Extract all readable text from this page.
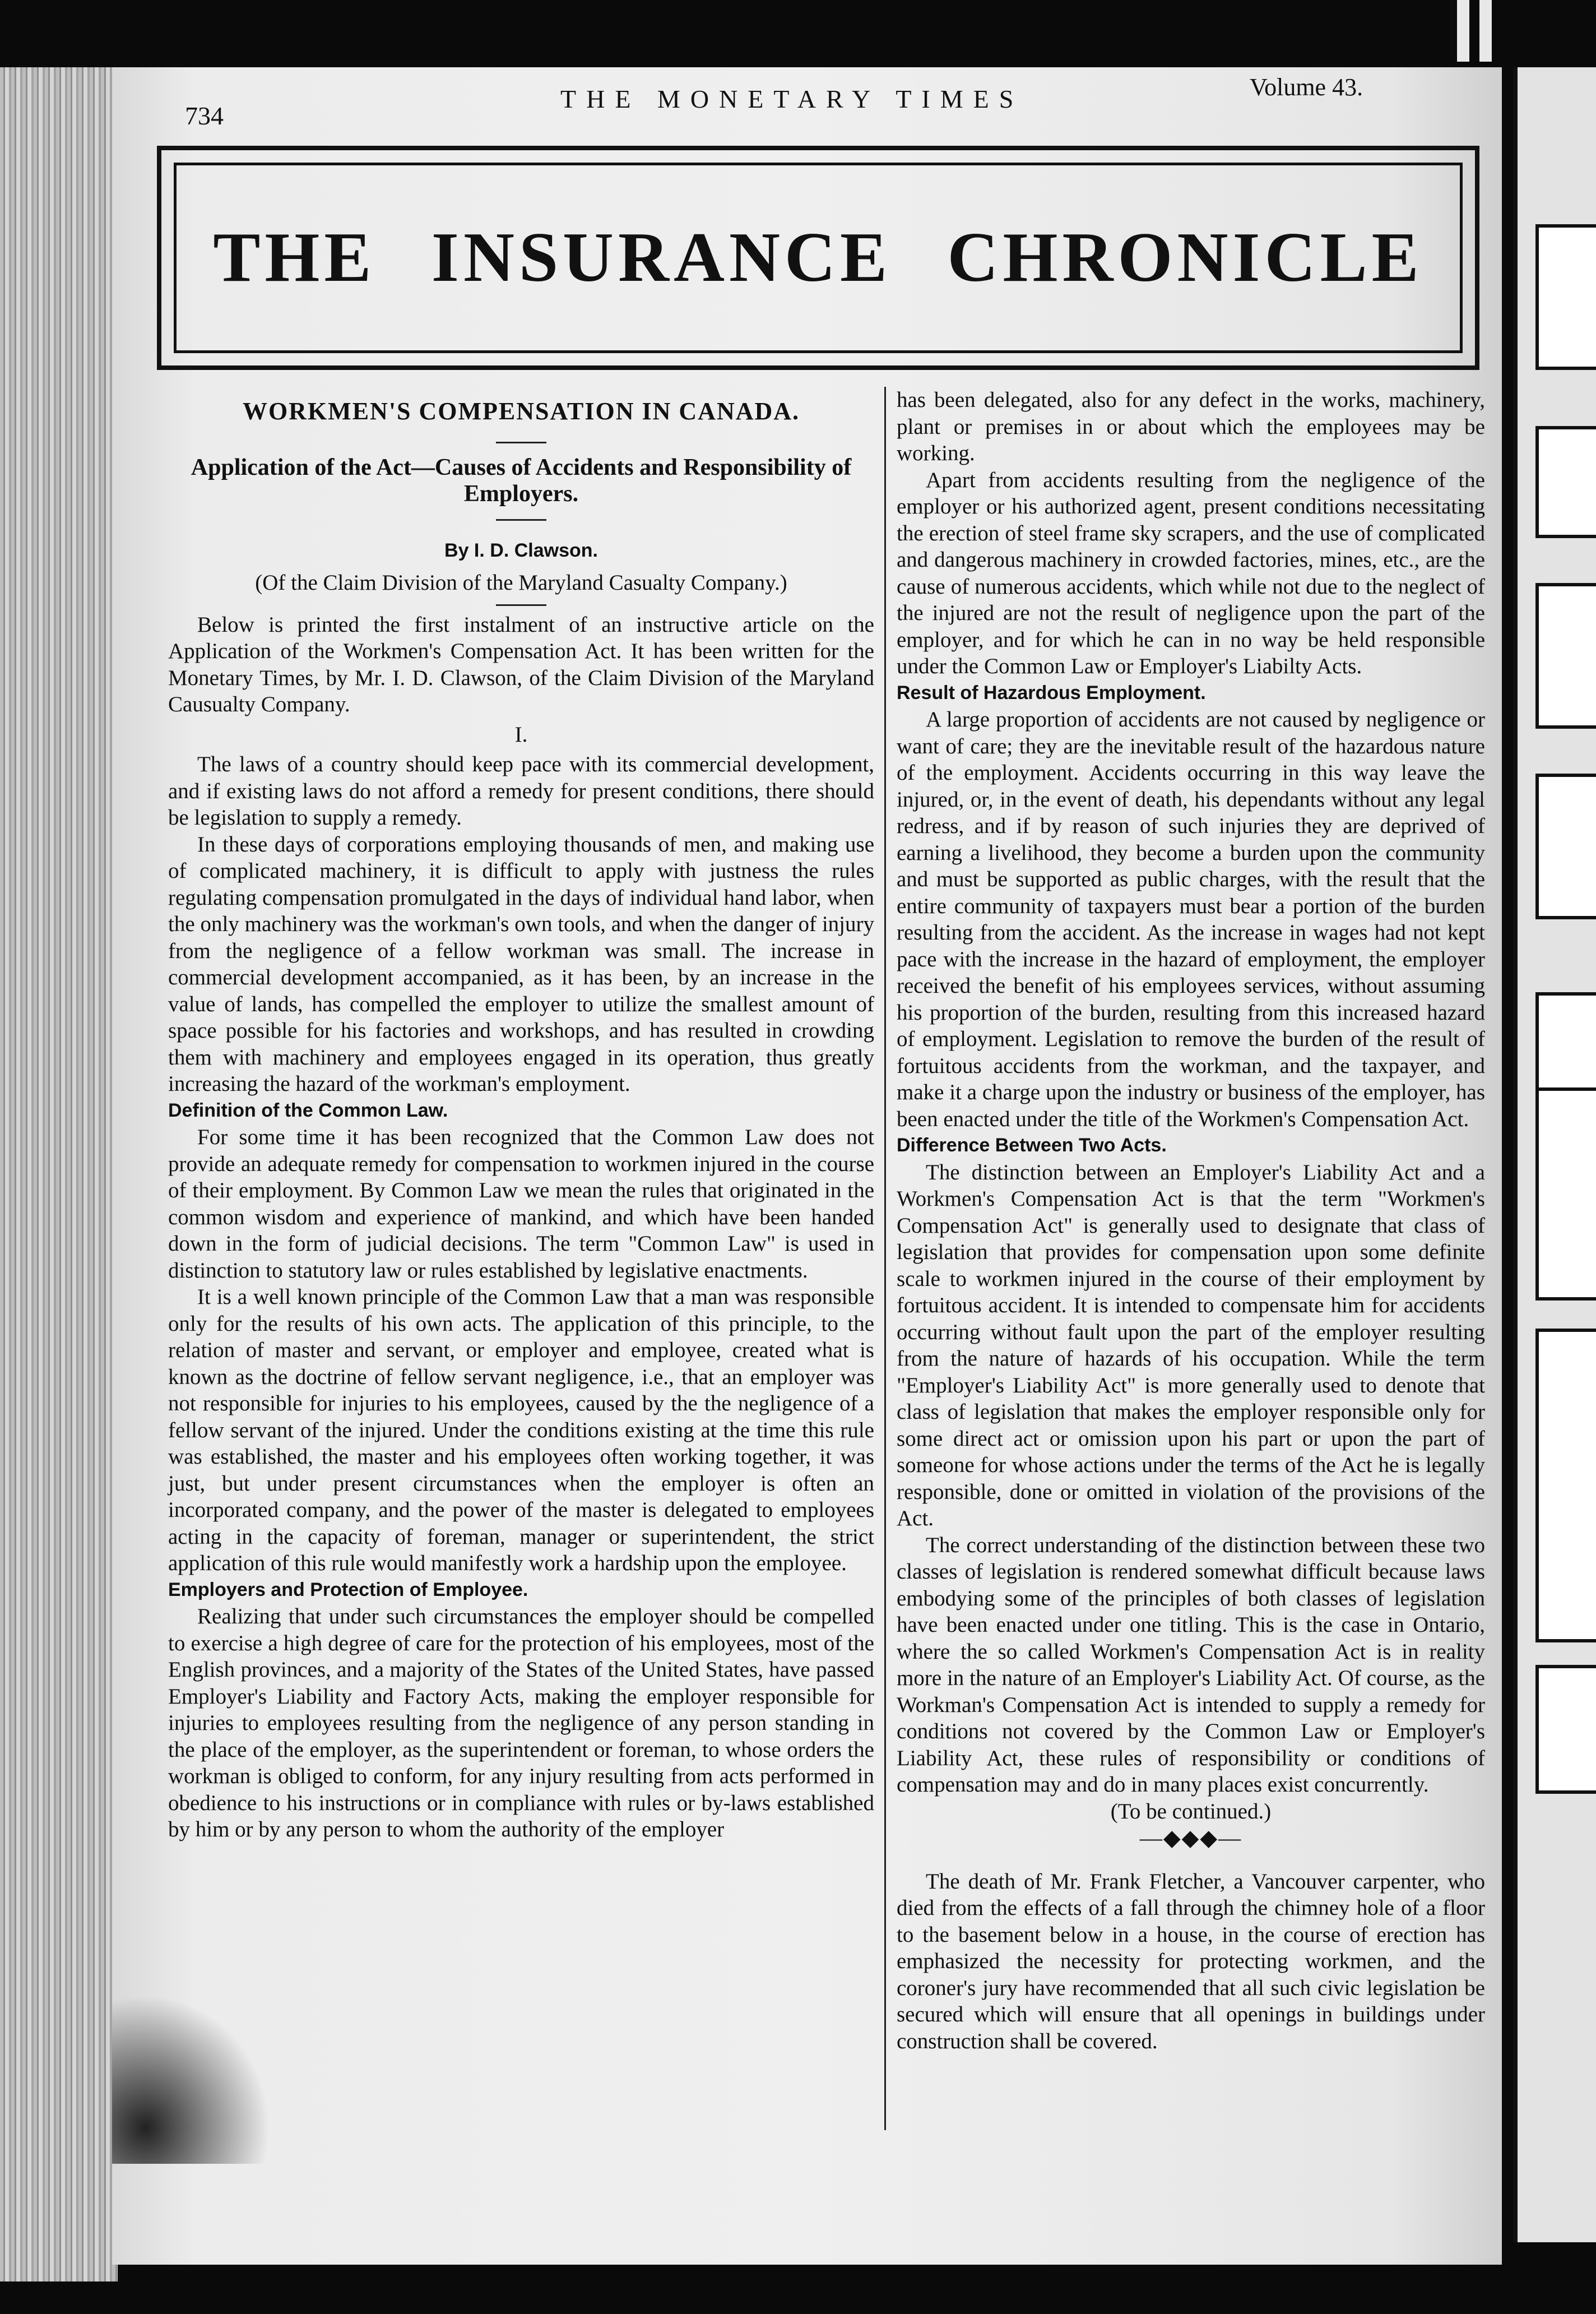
734
THE MONETARY TIMES	Volume 43.
THE INSURANCE CHRONICLE
WORKMEN'S COMPENSATION IN CANADA.
Application of the Act—Causes of Accidents and Responsibility of Employers.
By I. D. Clawson.
(Of the Claim Division of the Maryland Casualty Company.)

Below is printed the first instalment of an instructive article on the Application of the Workmen's Compensation Act. It has been written for the Monetary Times, by Mr. I. D. Clawson, of the Claim Division of the Maryland Causualty Company.

I.

The laws of a country should keep pace with its commercial development, and if existing laws do not afford a remedy for present conditions, there should be legislation to supply a remedy.

In these days of corporations employing thousands of men, and making use of complicated machinery, it is difficult to apply with justness the rules regulating compensation promulgated in the days of individual hand labor, when the only machinery was the workman's own tools, and when the danger of injury from the negligence of a fellow workman was small. The increase in commercial development accompanied, as it has been, by an increase in the value of lands, has compelled the employer to utilize the smallest amount of space possible for his factories and workshops, and has resulted in crowding them with machinery and employees engaged in its operation, thus greatly increasing the hazard of the workman's employment.

Definition of the Common Law.

For some time it has been recognized that the Common Law does not provide an adequate remedy for compensation to workmen injured in the course of their employment. By Common Law we mean the rules that originated in the common wisdom and experience of mankind, and which have been handed down in the form of judicial decisions. The term "Common Law" is used in distinction to statutory law or rules established by legislative enactments.

It is a well known principle of the Common Law that a man was responsible only for the results of his own acts. The application of this principle, to the relation of master and servant, or employer and employee, created what is known as the doctrine of fellow servant negligence, i.e., that an employer was not responsible for injuries to his employees, caused by the the negligence of a fellow servant of the injured. Under the conditions existing at the time this rule was established, the master and his employees often working together, it was just, but under present circumstances when the employer is often an incorporated company, and the power of the master is delegated to employees acting in the capacity of foreman, manager or superintendent, the strict application of this rule would manifestly work a hardship upon the employee.

Employers and Protection of Employee.

Realizing that under such circumstances the employer should be compelled to exercise a high degree of care for the protection of his employees, most of the English provinces, and a majority of the States of the United States, have passed Employer's Liability and Factory Acts, making the employer responsible for injuries to employees resulting from the negligence of any person standing in the place of the employer, as the superintendent or foreman, to whose orders the workman is obliged to conform, for any injury resulting from acts performed in obedience to his instructions or in compliance with rules or by-laws established by him or by any person to whom the authority of the employer

has been delegated, also for any defect in the works, machinery, plant or premises in or about which the employees may be working.

Apart from accidents resulting from the negligence of the employer or his authorized agent, present conditions necessitating the erection of steel frame sky scrapers, and the use of complicated and dangerous machinery in crowded factories, mines, etc., are the cause of numerous accidents, which while not due to the neglect of the injured are not the result of negligence upon the part of the employer, and for which he can in no way be held responsible under the Common Law or Employer's Liabilty Acts.

Result of Hazardous Employment.

A large proportion of accidents are not caused by negligence or want of care; they are the inevitable result of the hazardous nature of the employment. Accidents occurring in this way leave the injured, or, in the event of death, his dependants without any legal redress, and if by reason of such injuries they are deprived of earning a livelihood, they become a burden upon the community and must be supported as public charges, with the result that the entire community of taxpayers must bear a portion of the burden resulting from the accident. As the increase in wages had not kept pace with the increase in the hazard of employment, the employer received the benefit of his employees services, without assuming his proportion of the burden, resulting from this increased hazard of employment. Legislation to remove the burden of the result of fortuitous accidents from the workman, and the taxpayer, and make it a charge upon the industry or business of the employer, has been enacted under the title of the Workmen's Compensation Act.

Difference Between Two Acts.

The distinction between an Employer's Liability Act and a Workmen's Compensation Act is that the term "Workmen's Compensation Act" is generally used to designate that class of legislation that provides for compensation upon some definite scale to workmen injured in the course of their employment by fortuitous accident. It is intended to compensate him for accidents occurring without fault upon the part of the employer resulting from the nature of hazards of his occupation. While the term "Employer's Liability Act" is more generally used to denote that class of legislation that makes the employer responsible only for some direct act or omission upon his part or upon the part of someone for whose actions under the terms of the Act he is legally responsible, done or omitted in violation of the provisions of the Act.

The correct understanding of the distinction between these two classes of legislation is rendered somewhat difficult because laws embodying some of the principles of both classes of legislation have been enacted under one titling. This is the case in Ontario, where the so called Workmen's Compensation Act is in reality more in the nature of an Employer's Liability Act. Of course, as the Workman's Compensation Act is intended to supply a remedy for conditions not covered by the Common Law or Employer's Liability Act, these rules of responsibility or conditions of compensation may and do in many places exist concurrently.

(To be continued.)

—◆◆◆—

The death of Mr. Frank Fletcher, a Vancouver carpenter, who died from the effects of a fall through the chimney hole of a floor to the basement below in a house, in the course of erection has emphasized the necessity for protecting workmen, and the coroner's jury have recommended that all such civic legislation be secured which will ensure that all openings in buildings under construction shall be covered.
